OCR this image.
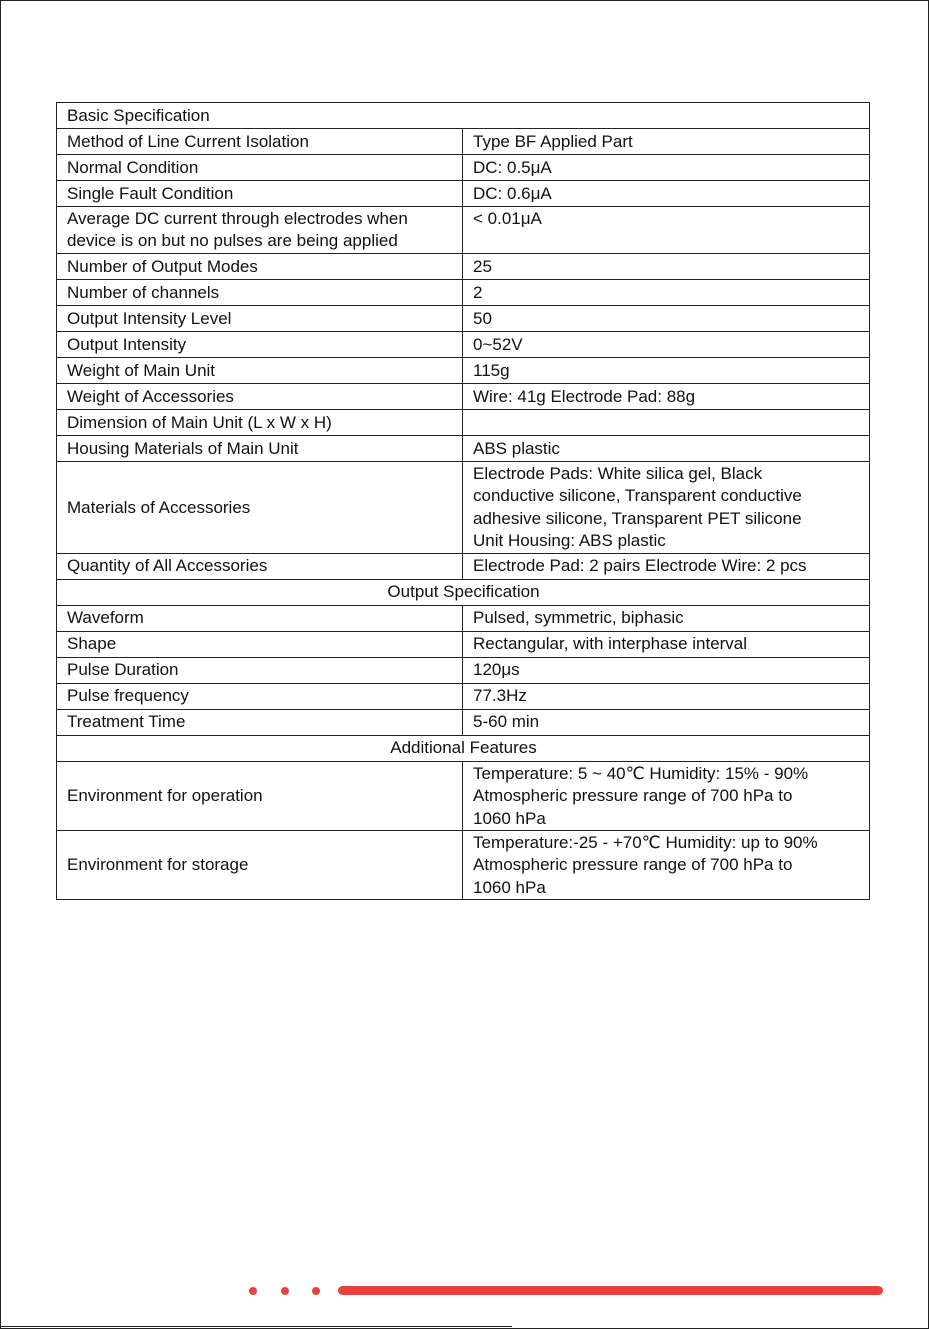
Basic Specification	
Method of Line Current Isolation	Type BF Applied Part
Normal Condition	DC: 0.5μA
Single Fault Condition	DC: 0.6μA
Average DC current through electrodes when
device is on but no pulses are being applied	< 0.01μA
Number of Output Modes	25
Number of channels	2
Output Intensity Level	50
Output Intensity	0~52V
Weight of Main Unit	115g
Weight of Accessories	Wire: 41g Electrode Pad: 88g
Dimension of Main Unit (L x W x H)	
Housing Materials of Main Unit	ABS plastic
Materials of Accessories	Electrode Pads: White silica gel, Black
conductive silicone, Transparent conductive
adhesive silicone, Transparent PET silicone
Unit Housing: ABS plastic
Quantity of All Accessories	Electrode Pad: 2 pairs Electrode Wire: 2 pcs
Output Specification	
Waveform	Pulsed, symmetric, biphasic
Shape	Rectangular, with interphase interval
Pulse Duration	120μs
Pulse frequency	77.3Hz
Treatment Time	5-60 min
Additional Features	
Environment for operation	Temperature: 5 ~ 40℃ Humidity: 15% - 90%
Atmospheric pressure range of 700 hPa to
1060 hPa
Environment for storage	Temperature:-25 - +70℃ Humidity: up to 90%
Atmospheric pressure range of 700 hPa to
1060 hPa
